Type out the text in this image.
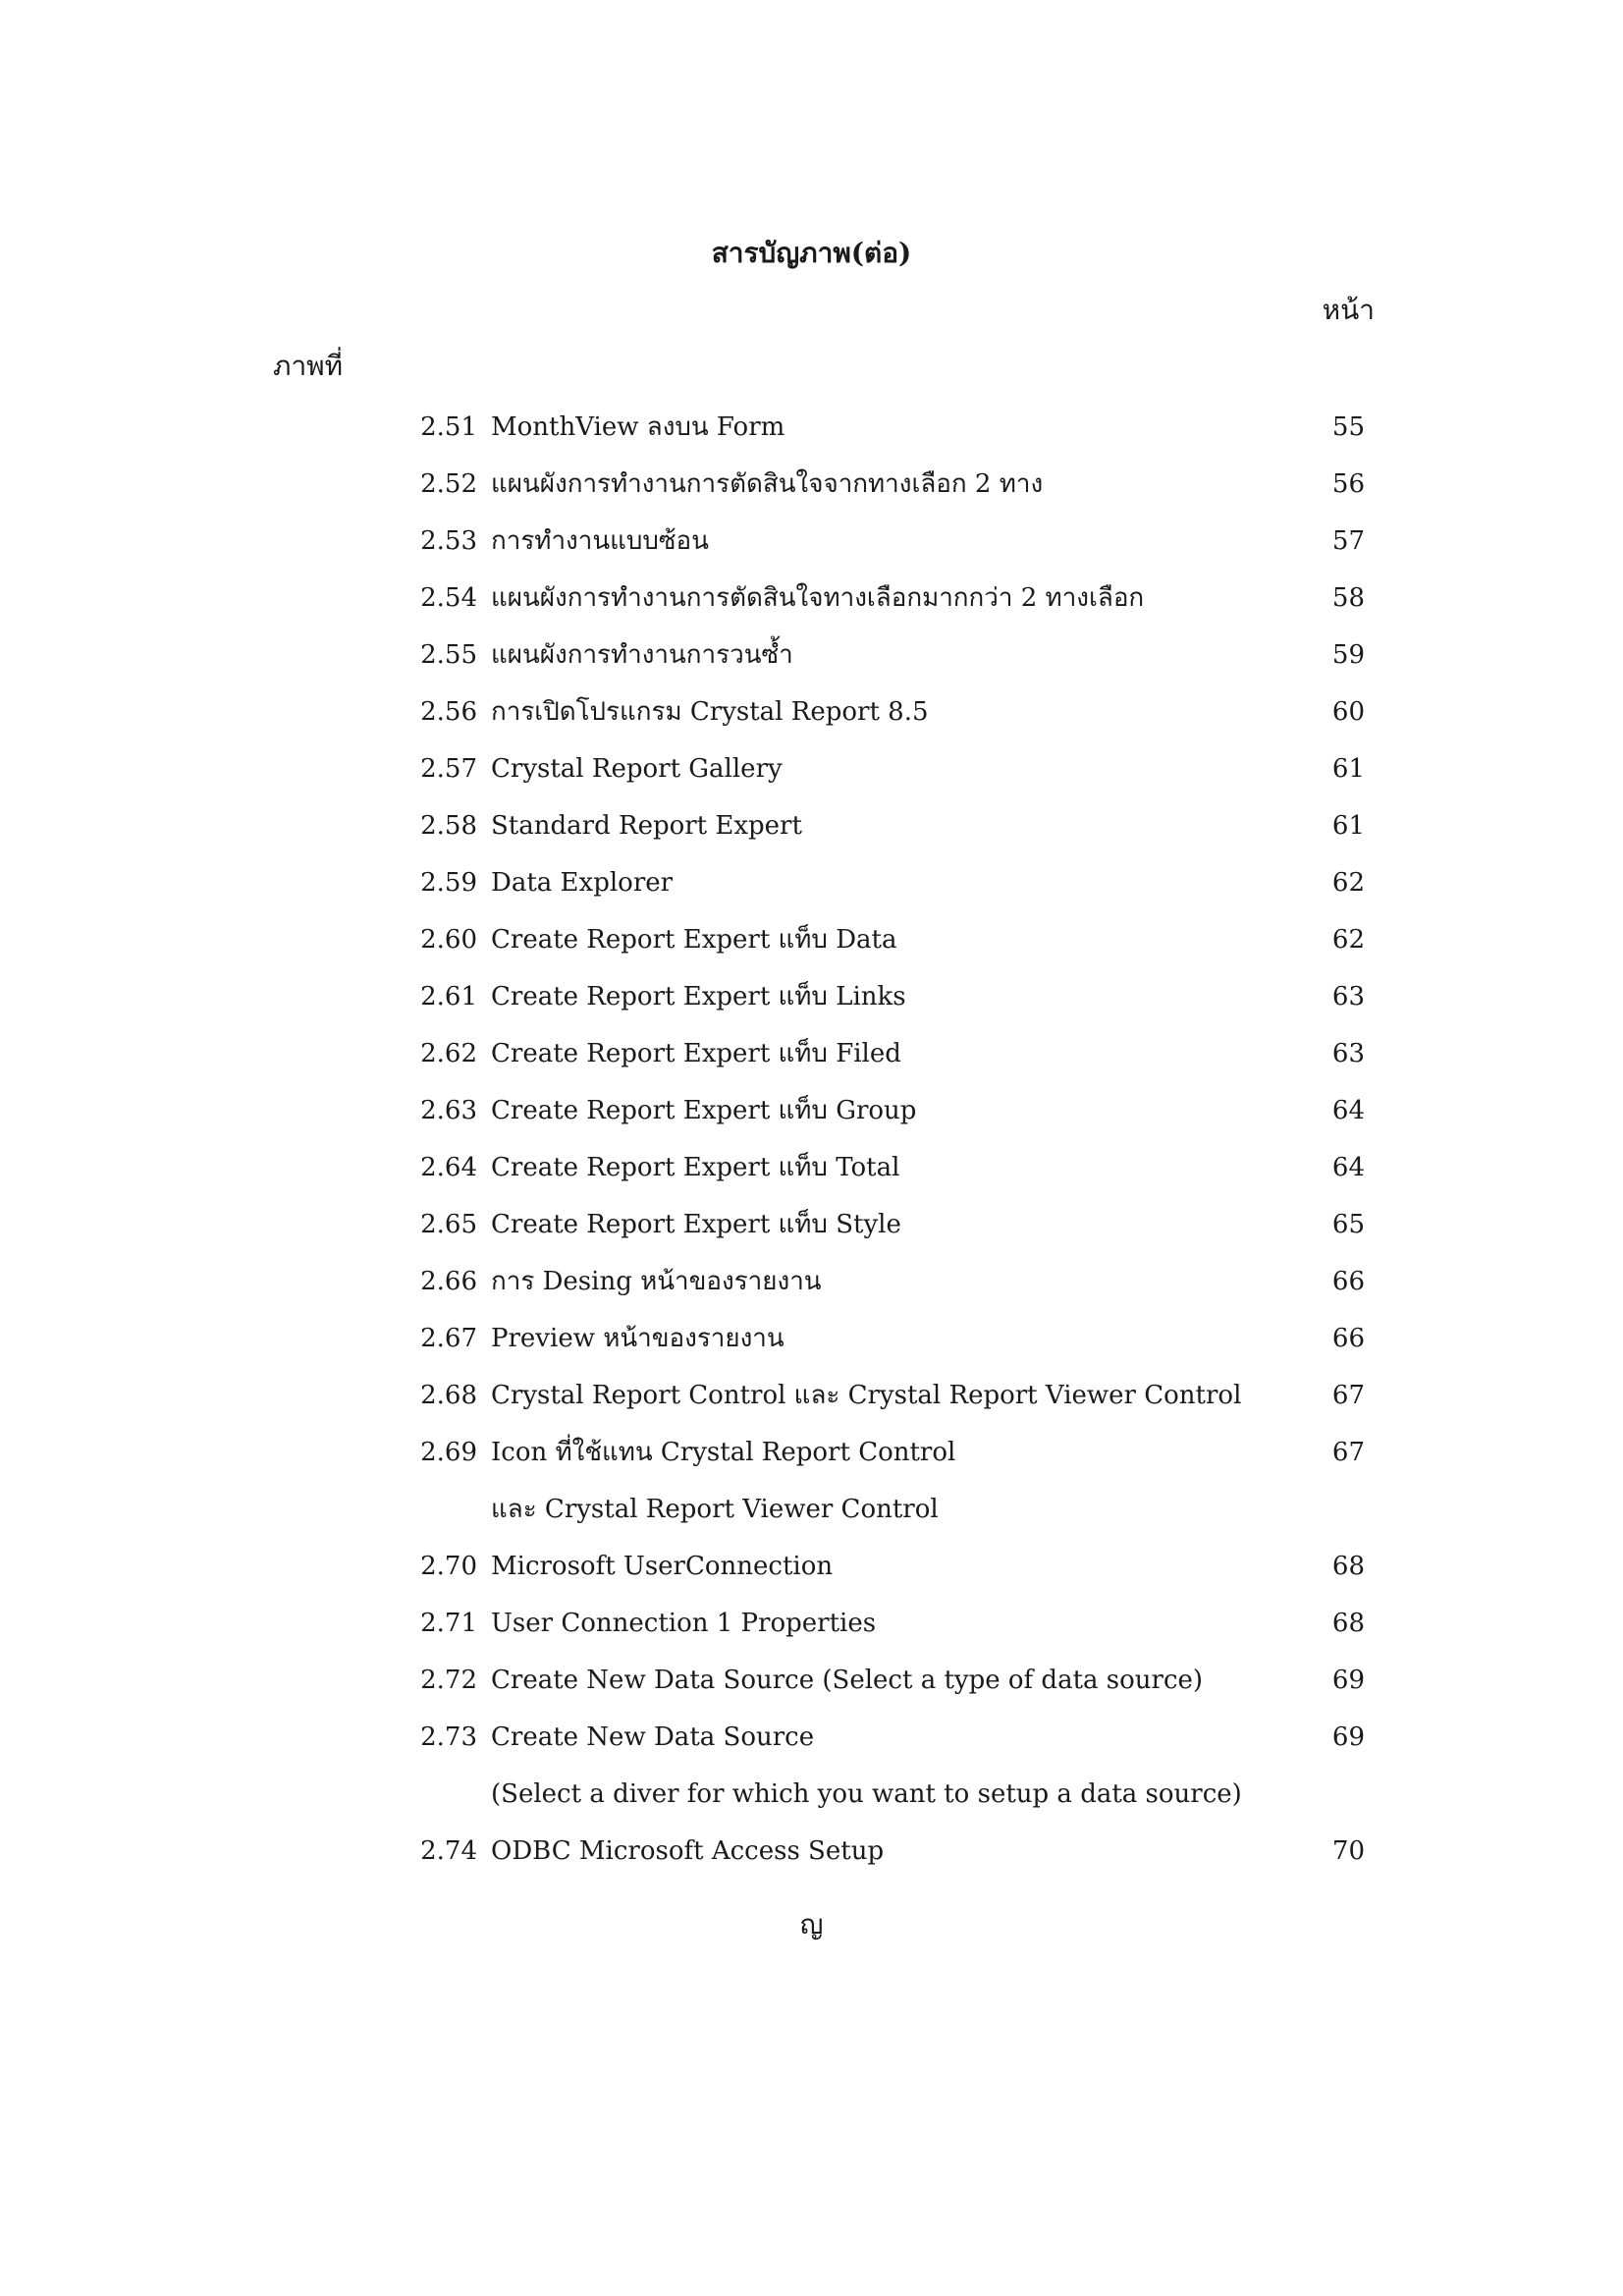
สารบัญภาพ(ต่อ)
หน้า
ภาพที่
2.51 MonthView ลงบน Form	55
2.52 แผนผังการทำงานการตัดสินใจจากทางเลือก 2 ทาง	56
2.53 การทำงานแบบซ้อน	57
2.54 แผนผังการทำงานการตัดสินใจทางเลือกมากกว่า 2 ทางเลือก	58
2.55 แผนผังการทำงานการวนซ้ำ	59
2.56 การเปิดโปรแกรม Crystal Report 8.5	60
2.57 Crystal Report Gallery	61
2.58 Standard Report Expert	61
2.59 Data Explorer	62
2.60 Create Report Expert แท็บ Data	62
2.61 Create Report Expert แท็บ Links	63
2.62 Create Report Expert แท็บ Filed	63
2.63 Create Report Expert แท็บ Group	64
2.64 Create Report Expert แท็บ Total	64
2.65 Create Report Expert แท็บ Style	65
2.66 การ Desing หน้าของรายงาน	66
2.67 Preview หน้าของรายงาน	66
2.68 Crystal Report Control และ Crystal Report Viewer Control	67
2.69 Icon ที่ใช้แทน Crystal Report Control	67
และ Crystal Report Viewer Control
2.70 Microsoft UserConnection	68
2.71 User Connection 1 Properties	68
2.72 Create New Data Source (Select a type of data source)	69
2.73 Create New Data Source	69
(Select a diver for which you want to setup a data source)
2.74 ODBC Microsoft Access Setup	70
ญ
